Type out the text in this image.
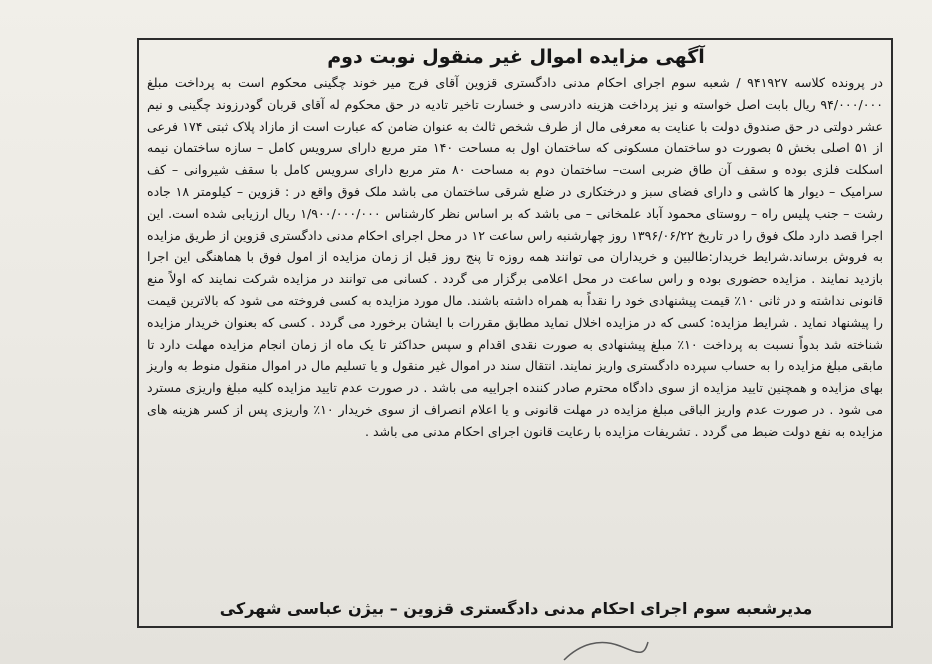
آگهی مزایده اموال غیر منقول نوبت دوم

در پرونده کلاسه ۹۴۱۹۲۷ / شعبه سوم اجرای احکام مدنی دادگستری قزوین آقای فرج میر خوند چگینی محکوم است به پرداخت مبلغ ۹۴/۰۰۰/۰۰۰ ریال بابت اصل خواسته و نیز پرداخت هزینه دادرسی و خسارت تاخیر تادیه در حق محکوم له آقای قربان گودرزوند چگینی و نیم عشر دولتی در حق صندوق دولت با عنایت به معرفی مال از طرف شخص ثالث به عنوان ضامن که عبارت است از مازاد پلاک ثبتی ۱۷۴ فرعی از ۵۱ اصلی بخش ۵ بصورت دو ساختمان مسکونی که ساختمان اول به مساحت ۱۴۰ متر مربع دارای سرویس کامل – سازه ساختمان نیمه اسکلت فلزی بوده و سقف آن طاق ضربی است– ساختمان دوم به مساحت ۸۰ متر مربع دارای سرویس کامل با سقف شیروانی – کف سرامیک – دیوار ها کاشی و دارای فضای سبز و درختکاری در ضلع شرقی ساختمان می باشد ملک فوق واقع در : قزوین – کیلومتر ۱۸ جاده رشت – جنب پلیس راه – روستای محمود آباد علمخانی – می باشد که بر اساس نظر کارشناس ۱/۹۰۰/۰۰۰/۰۰۰ ریال ارزیابی شده است. این اجرا قصد دارد ملک فوق را در تاریخ ۱۳۹۶/۰۶/۲۲ روز چهارشنبه راس ساعت ۱۲ در محل اجرای احکام مدنی دادگستری قزوین از طریق مزایده به فروش برساند.شرایط خریدار:طالبین و خریداران می توانند همه روزه تا پنج روز قبل از زمان مزایده از امول فوق با هماهنگی این اجرا بازدید نمایند . مزایده حضوری بوده و راس ساعت در محل اعلامی برگزار می گردد . کسانی می توانند در مزایده شرکت نمایند که اولاً منع قانونی نداشته و در ثانی ۱۰٪ قیمت پیشنهادی خود را نقداً به همراه داشته باشند. مال مورد مزایده به کسی فروخته می شود که بالاترین قیمت را پیشنهاد نماید . شرایط مزایده: کسی که در مزایده اخلال نماید مطابق مقررات با ایشان برخورد می گردد . کسی که بعنوان خریدار مزایده شناخته شد بدواً نسبت به پرداخت ۱۰٪ مبلغ پیشنهادی به صورت نقدی اقدام و سپس حداکثر تا یک ماه از زمان انجام مزایده مهلت دارد تا مابقی مبلغ مزایده را به حساب سپرده دادگستری واریز نمایند. انتقال سند در اموال غیر منقول و یا تسلیم مال در اموال منقول منوط به واریز بهای مزایده و همچنین تایید مزایده از سوی دادگاه محترم صادر کننده اجراییه می باشد . در صورت عدم تایید مزایده کلیه مبلغ واریزی مسترد می شود . در صورت عدم واریز الباقی مبلغ مزایده در مهلت قانونی و یا اعلام انصراف از سوی خریدار ۱۰٪ واریزی پس از کسر هزینه های مزایده به نفع دولت ضبط می گردد . تشریفات مزایده با رعایت قانون اجرای احکام مدنی می باشد .

مدیرشعبه سوم اجرای احکام مدنی دادگستری قزوین – بیژن عباسی شهرکی
